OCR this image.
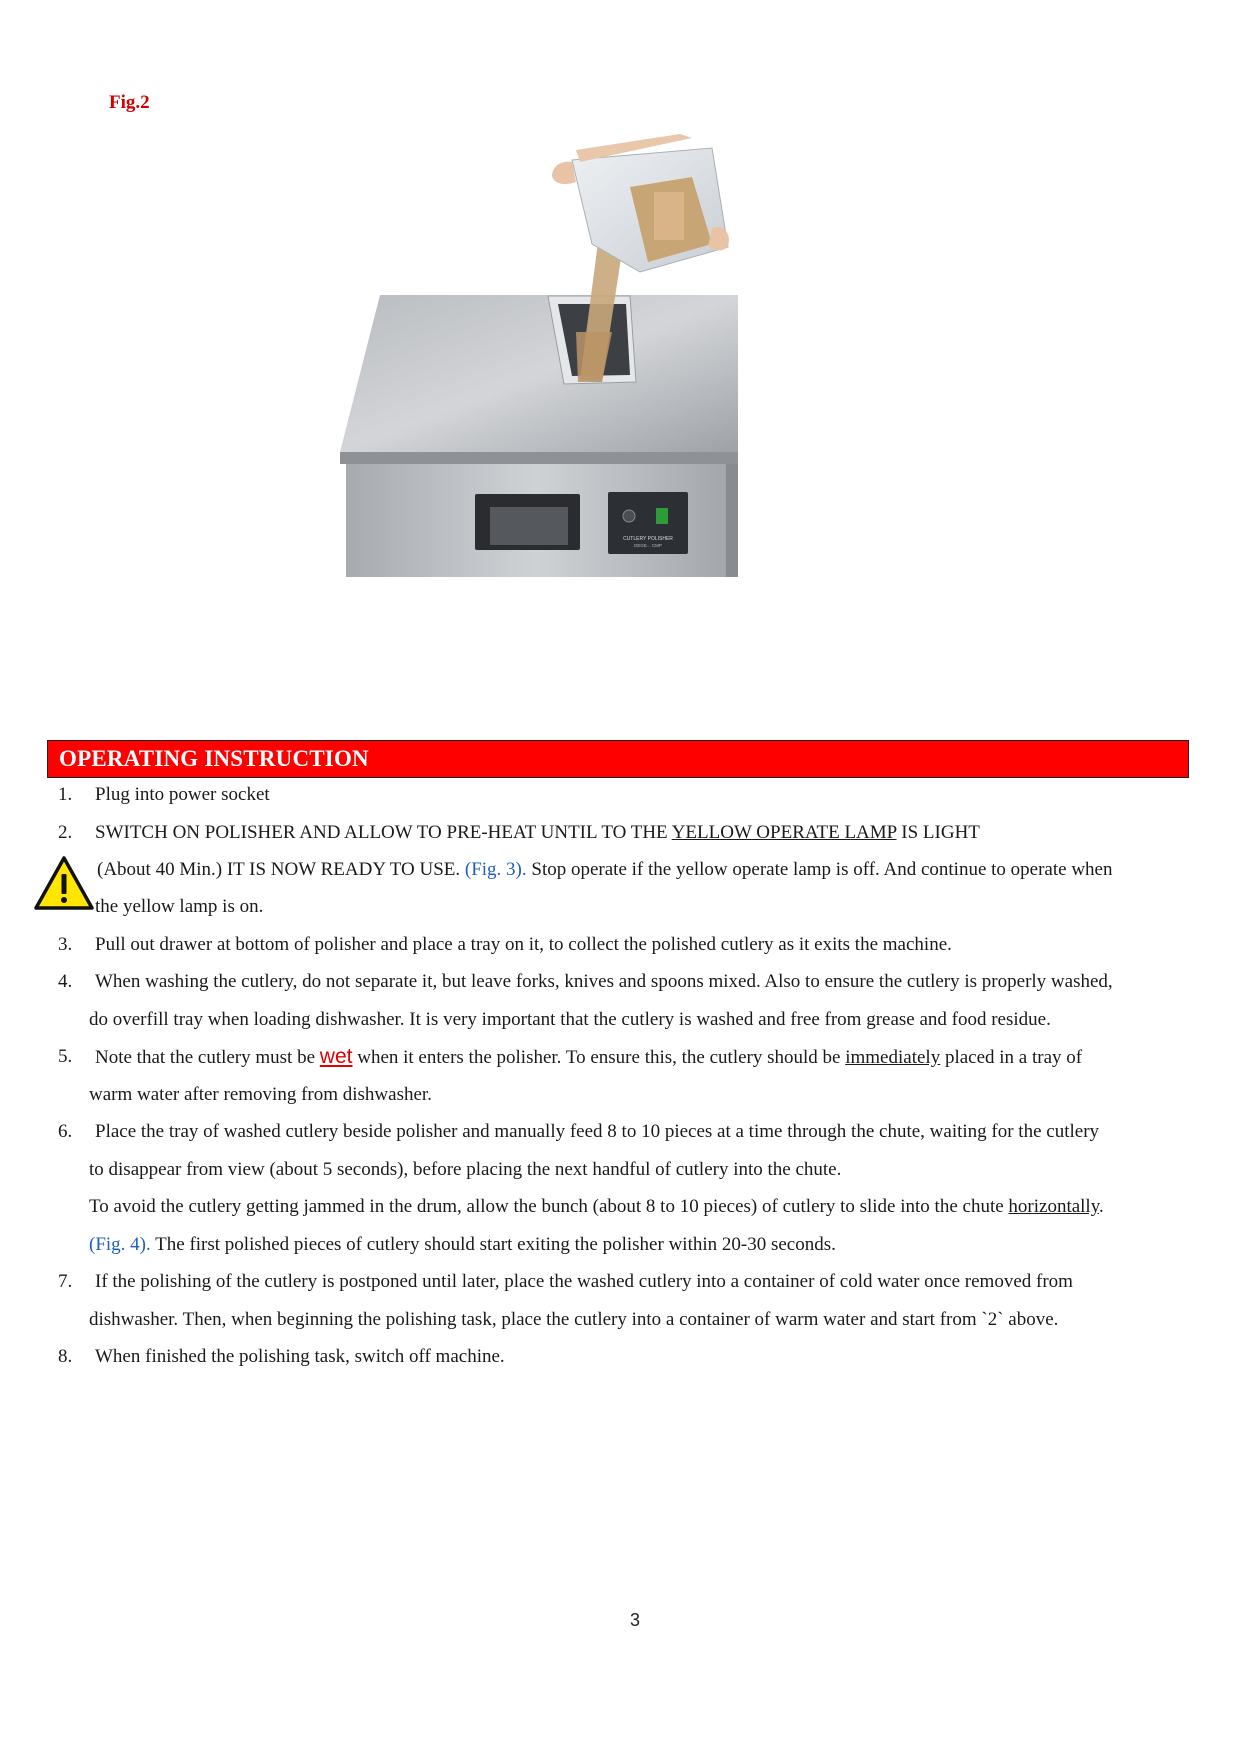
Fig.2
CUTLERY POLISHER
DEGE... CMP
OPERATING INSTRUCTION
1. Plug into power socket
2. SWITCH ON POLISHER AND ALLOW TO PRE-HEAT UNTIL TO THE YELLOW OPERATE LAMP IS LIGHT
(About 40 Min.) IT IS NOW READY TO USE. (Fig. 3). Stop operate if the yellow operate lamp is off. And continue to operate when
the yellow lamp is on.
3. Pull out drawer at bottom of polisher and place a tray on it, to collect the polished cutlery as it exits the machine.
4. When washing the cutlery, do not separate it, but leave forks, knives and spoons mixed. Also to ensure the cutlery is properly washed,
do overfill tray when loading dishwasher. It is very important that the cutlery is washed and free from grease and food residue.
5. Note that the cutlery must be wet when it enters the polisher. To ensure this, the cutlery should be immediately placed in a tray of
warm water after removing from dishwasher.
6. Place the tray of washed cutlery beside polisher and manually feed 8 to 10 pieces at a time through the chute, waiting for the cutlery
to disappear from view (about 5 seconds), before placing the next handful of cutlery into the chute.
To avoid the cutlery getting jammed in the drum, allow the bunch (about 8 to 10 pieces) of cutlery to slide into the chute horizontally.
(Fig. 4). The first polished pieces of cutlery should start exiting the polisher within 20-30 seconds.
7. If the polishing of the cutlery is postponed until later, place the washed cutlery into a container of cold water once removed from
dishwasher. Then, when beginning the polishing task, place the cutlery into a container of warm water and start from `2` above.
8. When finished the polishing task, switch off machine.
3
